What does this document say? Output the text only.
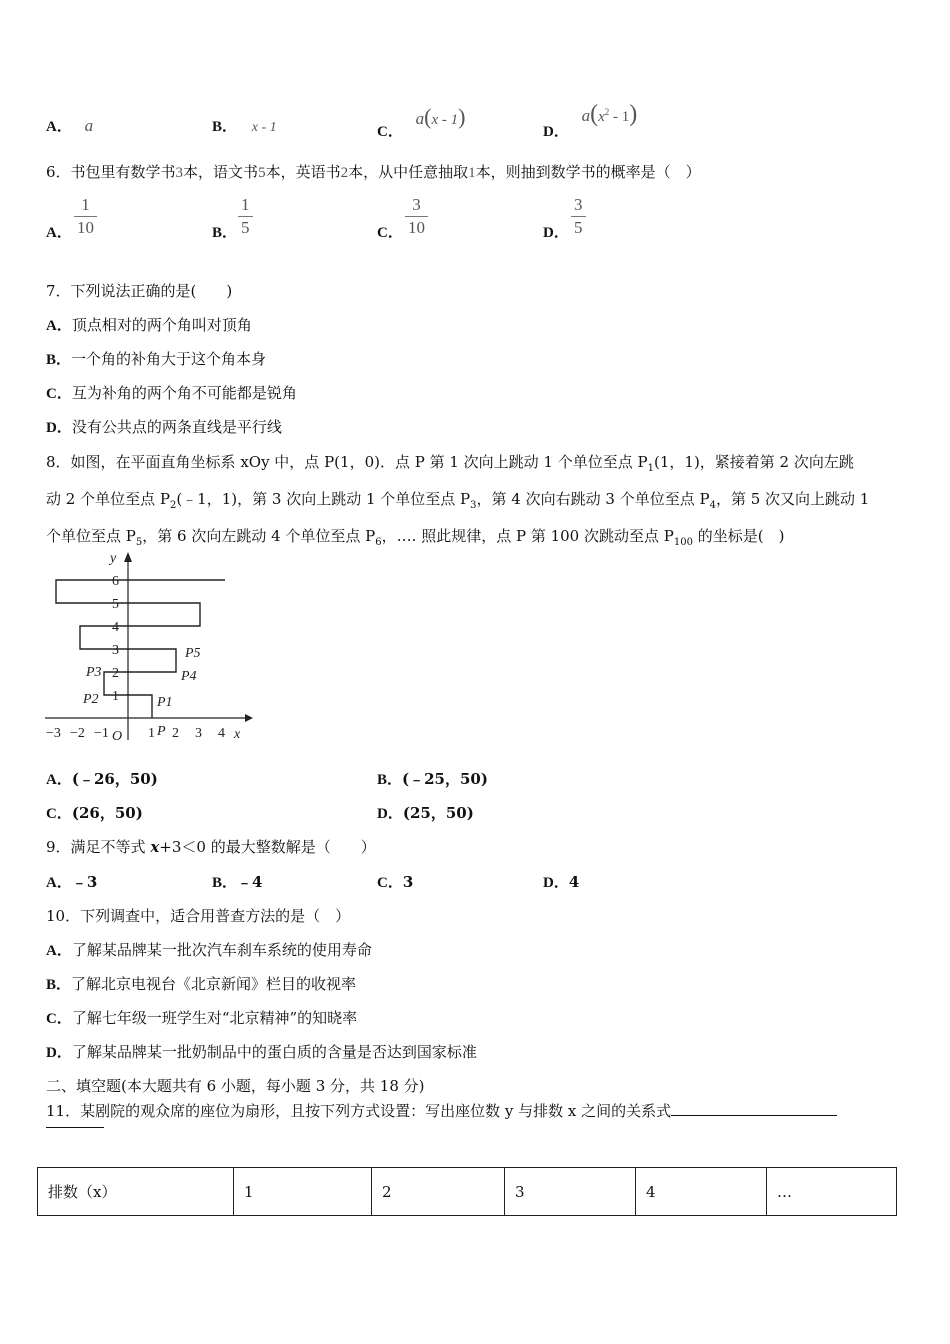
A． a	B． x - 1	C． a(x - 1)
D． $a(x^2 - 1)$
6．书包里有数学书3本，语文书5本，英语书2本，从中任意抽取1本，则抽到数学书的概率是（　）
A．
1
10	B．
1
5	C．
3
10	D．
3
5
7．下列说法正确的是(　　)
A．顶点相对的两个角叫对顶角
B．一个角的补角大于这个角本身
C．互为补角的两个角不可能都是锐角
D．没有公共点的两条直线是平行线
8．如图，在平面直角坐标系 xOy 中，点 P(1，0)．点 P 第 1 次向上跳动 1 个单位至点 $P_1(1$，1)，紧接着第 2 次向左跳
动 2 个单位至点 $P_2(﹣1$，1)，第 3 次向上跳动 1 个单位至点 $P_3$，第 4 次向右跳动 3 个单位至点 $P_4$，第 5 次又向上跳动 1
个单位至点 $P_5$，第 6 次向左跳动 4 个单位至点 $P_6$，…. 照此规律，点 P 第 100 次跳动至点 $P_{100}$ 的坐标是(　)
y
x
O
1
2
3
4
5
6
−3 −2 −1	1 2 3 4
P
P1
P2
P3	P4
P5
A．(﹣26，50)	B．(﹣25，50)
C．(26，50)	D．(25，50)
9．满足不等式 x+3＜0 的最大整数解是（　　）
A．﹣3	B．﹣4	C．3	D．4
10．下列调查中，适合用普查方法的是（　）
A．了解某品牌某一批次汽车刹车系统的使用寿命
B．了解北京电视台《北京新闻》栏目的收视率
C．了解七年级一班学生对“北京精神”的知晓率
D．了解某品牌某一批奶制品中的蛋白质的含量是否达到国家标准
二、填空题(本大题共有 6 小题，每小题 3 分，共 18 分)
11．某剧院的观众席的座位为扇形，且按下列方式设置：写出座位数 y 与排数 x 之间的关系式
排数（x）	1	2	3	4	…
